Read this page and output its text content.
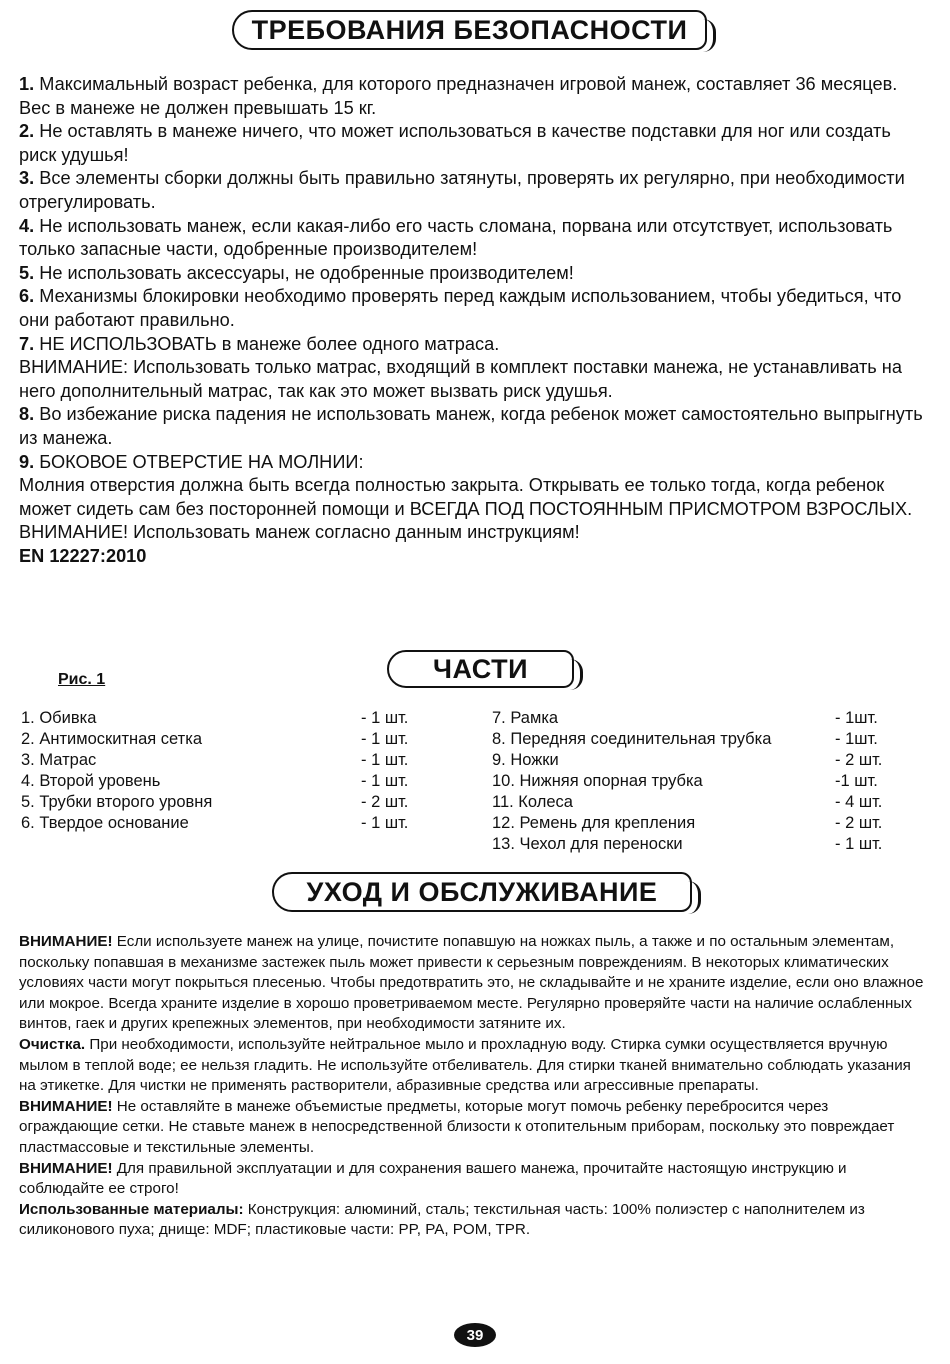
ТРЕБОВАНИЯ БЕЗОПАСНОСТИ

1. Максимальный возраст ребенка, для которого предназначен игровой манеж, составляет 36 месяцев. Вес в манеже не должен превышать 15 кг.

2. Не оставлять в манеже ничего, что может использоваться в качестве подставки для ног или создать риск удушья!

3. Все элементы сборки должны быть правильно затянуты, проверять их регулярно, при необходимости отрегулировать.

4. Не использовать манеж, если какая-либо его часть сломана, порвана или отсутствует, использовать только запасные части, одобренные производителем!

5. Не использовать аксессуары, не одобренные производителем!

6. Механизмы блокировки необходимо проверять перед каждым использованием, чтобы убедиться, что они работают правильно.

7. НЕ ИСПОЛЬЗОВАТЬ в манеже более одного матраса.

ВНИМАНИЕ: Использовать только матрас, входящий в комплект поставки манежа, не устанавливать на него дополнительный матрас, так как это может вызвать риск удушья.

8. Во избежание риска падения не использовать манеж, когда ребенок может самостоятельно выпрыгнуть из манежа.

9. БОКОВОЕ ОТВЕРСТИЕ НА МОЛНИИ:

Молния отверстия должна быть всегда полностью закрыта. Открывать ее только тогда, когда ребенок может сидеть сам без посторонней помощи и ВСЕГДА ПОД ПОСТОЯННЫМ ПРИСМОТРОМ ВЗРОСЛЫХ.

ВНИМАНИЕ! Использовать манеж согласно данным инструкциям!

EN 12227:2010

Рис. 1	ЧАСТИ
1. Обивка	- 1 шт.
2. Антимоскитная сетка	- 1 шт.
3. Матрас	- 1 шт.
4. Второй уровень	- 1 шт.
5. Трубки второго уровня	- 2 шт.
6. Твердое основание	- 1 шт.
7. Рамка	- 1шт.
8. Передняя соединительная трубка	- 1шт.
9. Ножки	- 2 шт.
10. Нижняя опорная трубка	-1 шт.
11. Колеса	- 4 шт.
12. Ремень для крепления	- 2 шт.
13. Чехол для переноски	- 1 шт.
УХОД И ОБСЛУЖИВАНИЕ

ВНИМАНИЕ! Если используете манеж на улице, почистите попавшую на ножках пыль, а также и по остальным элементам, поскольку попавшая в механизме застежек пыль может привести к серьезным повреждениям. В некоторых климатических условиях части могут покрыться плесенью. Чтобы предотвратить это, не складывайте и не храните изделие, если оно влажное или мокрое. Всегда храните изделие в хорошо проветриваемом месте. Регулярно проверяйте части на наличие ослабленных винтов, гаек и других крепежных элементов, при необходимости затяните их.

Очистка. При необходимости, используйте нейтральное мыло и прохладную воду. Стирка сумки осуществляется вручную мылом в теплой воде; ее нельзя гладить. Не используйте отбеливатель. Для стирки тканей внимательно соблюдать указания на этикетке. Для чистки не применять растворители, абразивные средства или агрессивные препараты.

ВНИМАНИЕ! Не оставляйте в манеже объемистые предметы, которые могут помочь ребенку перебросится через ограждающие сетки. Не ставьте манеж в непосредственной близости к отопительным приборам, поскольку это повреждает пластмассовые и текстильные элементы.

ВНИМАНИЕ! Для правильной эксплуатации и для сохранения вашего манежа, прочитайте настоящую инструкцию и соблюдайте ее строго!

Использованные материалы: Конструкция: алюминий, сталь; текстильная часть: 100% полиэстер с наполнителем из силиконового пуха; днище: MDF; пластиковые части: PP, PA, POM, TPR.

39
